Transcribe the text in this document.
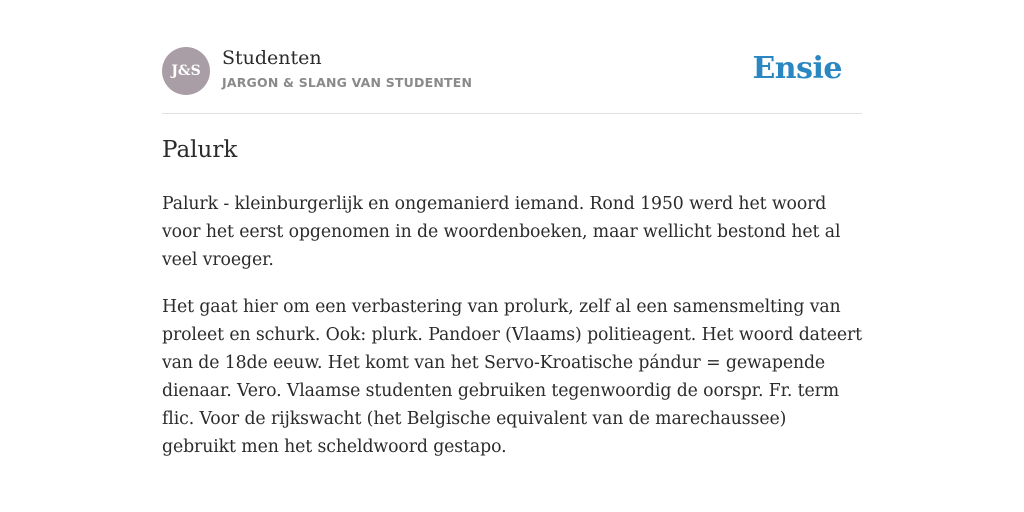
J&S
Studenten
JARGON & SLANG VAN STUDENTEN	Ensie
Palurk

Palurk - kleinburgerlijk en ongemanierd iemand. Rond 1950 werd het woord voor het eerst opgenomen in de woordenboeken, maar wellicht bestond het al veel vroeger.

Het gaat hier om een verbastering van prolurk, zelf al een samensmelting van proleet en schurk. Ook: plurk. Pandoer (Vlaams) politieagent. Het woord dateert van de 18de eeuw. Het komt van het Servo-Kroatische pándur = gewapende dienaar. Vero. Vlaamse studenten gebruiken tegenwoordig de oorspr. Fr. term flic. Voor de rijkswacht (het Belgische equivalent van de marechaussee) gebruikt men het scheldwoord gestapo.
